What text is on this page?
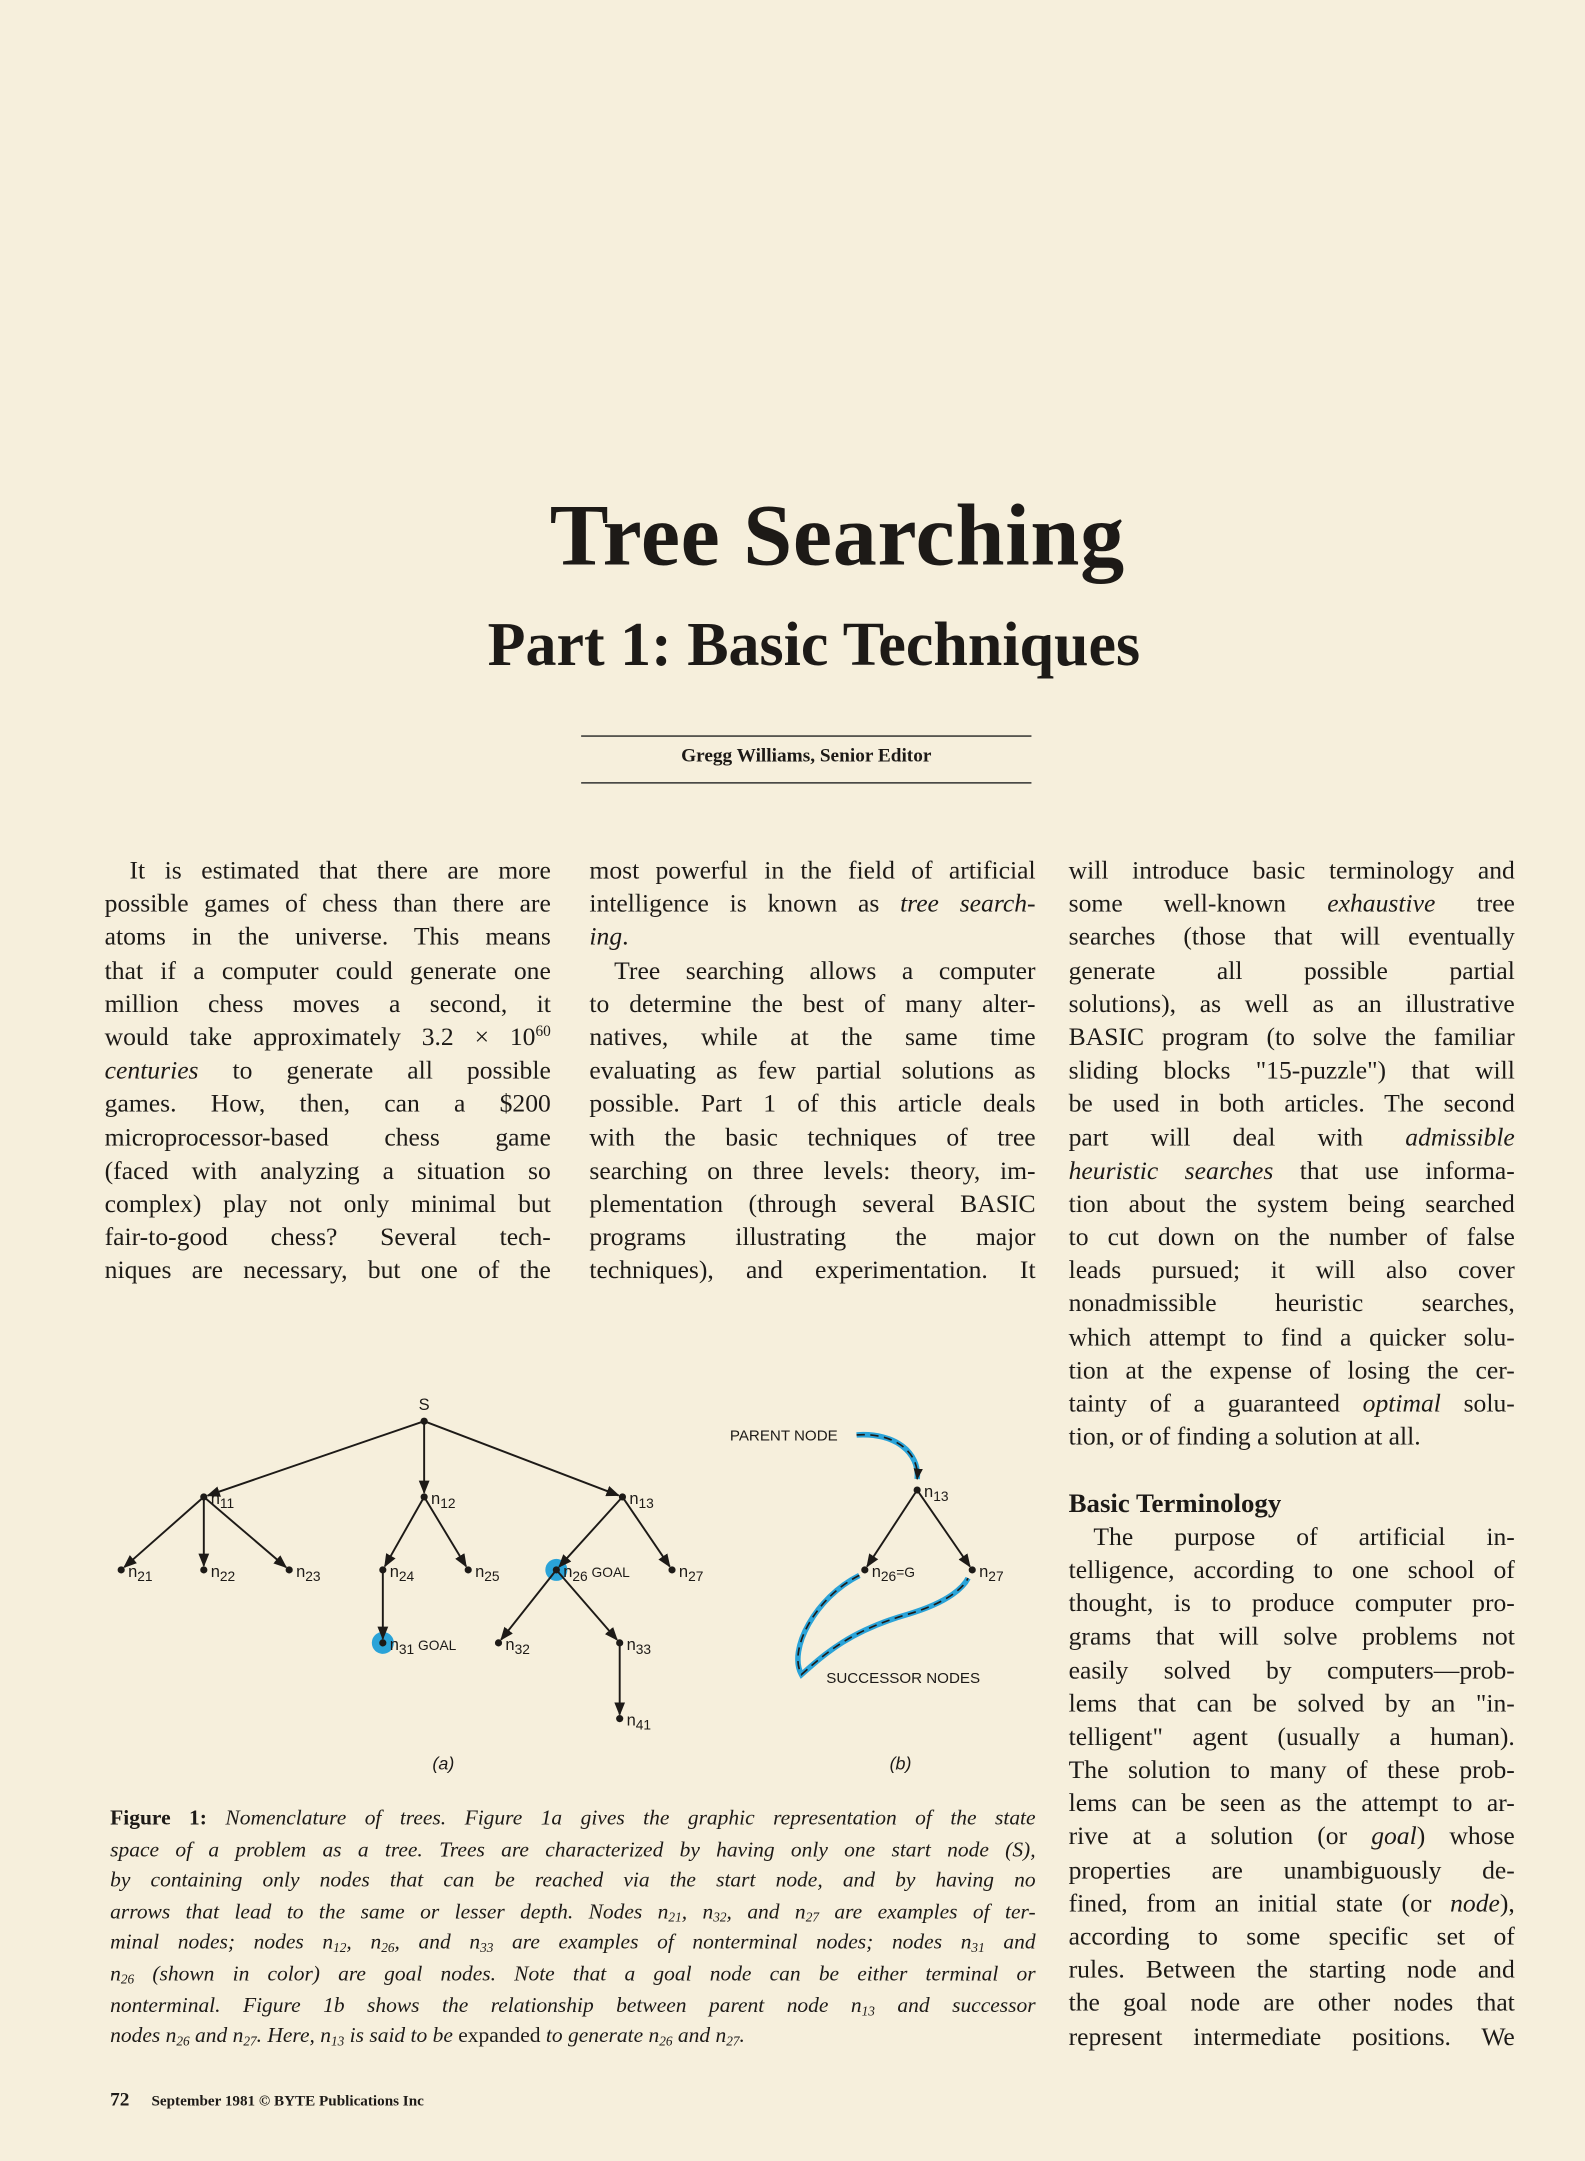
Tree Searching
Part 1: Basic Techniques
Gregg Williams, Senior Editor
It is estimated that there are more
possible games of chess than there are
atoms in the universe. This means
that if a computer could generate one
million chess moves a second, it
would take approximately $3.2 \times 10^{60}$
centuries to generate all possible
games. How, then, can a $200
microprocessor-based chess game
(faced with analyzing a situation so
complex) play not only minimal but
fair-to-good chess? Several tech-
niques are necessary, but one of the
most powerful in the field of artificial
intelligence is known as tree search-
ing.
Tree searching allows a computer
to determine the best of many alter-
natives, while at the same time
evaluating as few partial solutions as
possible. Part 1 of this article deals
with the basic techniques of tree
searching on three levels: theory, im-
plementation (through several BASIC
programs illustrating the major
techniques), and experimentation. It
will introduce basic terminology and
some well-known exhaustive tree
searches (those that will eventually
generate all possible partial
solutions), as well as an illustrative
BASIC program (to solve the familiar
sliding blocks "15-puzzle") that will
be used in both articles. The second
part will deal with admissible
heuristic searches that use informa-
tion about the system being searched
to cut down on the number of false
leads pursued; it will also cover
nonadmissible heuristic searches,
which attempt to find a quicker solu-
tion at the expense of losing the cer-
tainty of a guaranteed optimal solu-
tion, or of finding a solution at all.
Basic Terminology
The purpose of artificial in-
telligence, according to one school of
thought, is to produce computer pro-
grams that will solve problems not
easily solved by computers—prob-
lems that can be solved by an "in-
telligent" agent (usually a human).
The solution to many of these prob-
lems can be seen as the attempt to ar-
rive at a solution (or goal) whose
properties are unambiguously de-
fined, from an initial state (or node),
according to some specific set of
rules. Between the starting node and
the goal node are other nodes that
represent intermediate positions. We
S
$n_{11}$	$n_{12}$	$n_{13}$
$n_{21}$	$n_{22}$	$n_{23}$	$n_{24}$	$n_{25}$	$n_{26}$ $^{GOAL}$	$n_{27}$
$n_{31}$ $^{GOAL}$	$n_{32}$	$n_{33}$
$n_{41}$
$n_{13}$
$n_{26}^{=G}$	$n_{27}$
PARENT NODE
SUCCESSOR NODES
(a)	(b)
Figure 1: Nomenclature of trees. Figure 1a gives the graphic representation of the state
space of a problem as a tree. Trees are characterized by having only one start node (S),
by containing only nodes that can be reached via the start node, and by having no
arrows that lead to the same or lesser depth. Nodes $n_{21}$, $n_{32}$, and $n_{27}$ are examples of ter-
minal nodes; nodes $n_{12}$, $n_{26}$, and $n_{33}$ are examples of nonterminal nodes; nodes $n_{31}$ and
$n_{26}$ (shown in color) are goal nodes. Note that a goal node can be either terminal or
nonterminal. Figure 1b shows the relationship between parent node $n_{13}$ and successor
nodes $n_{26}$ and $n_{27}$. Here, $n_{13}$ is said to be expanded to generate $n_{26}$ and $n_{27}$.
72 September 1981 © BYTE Publications Inc
